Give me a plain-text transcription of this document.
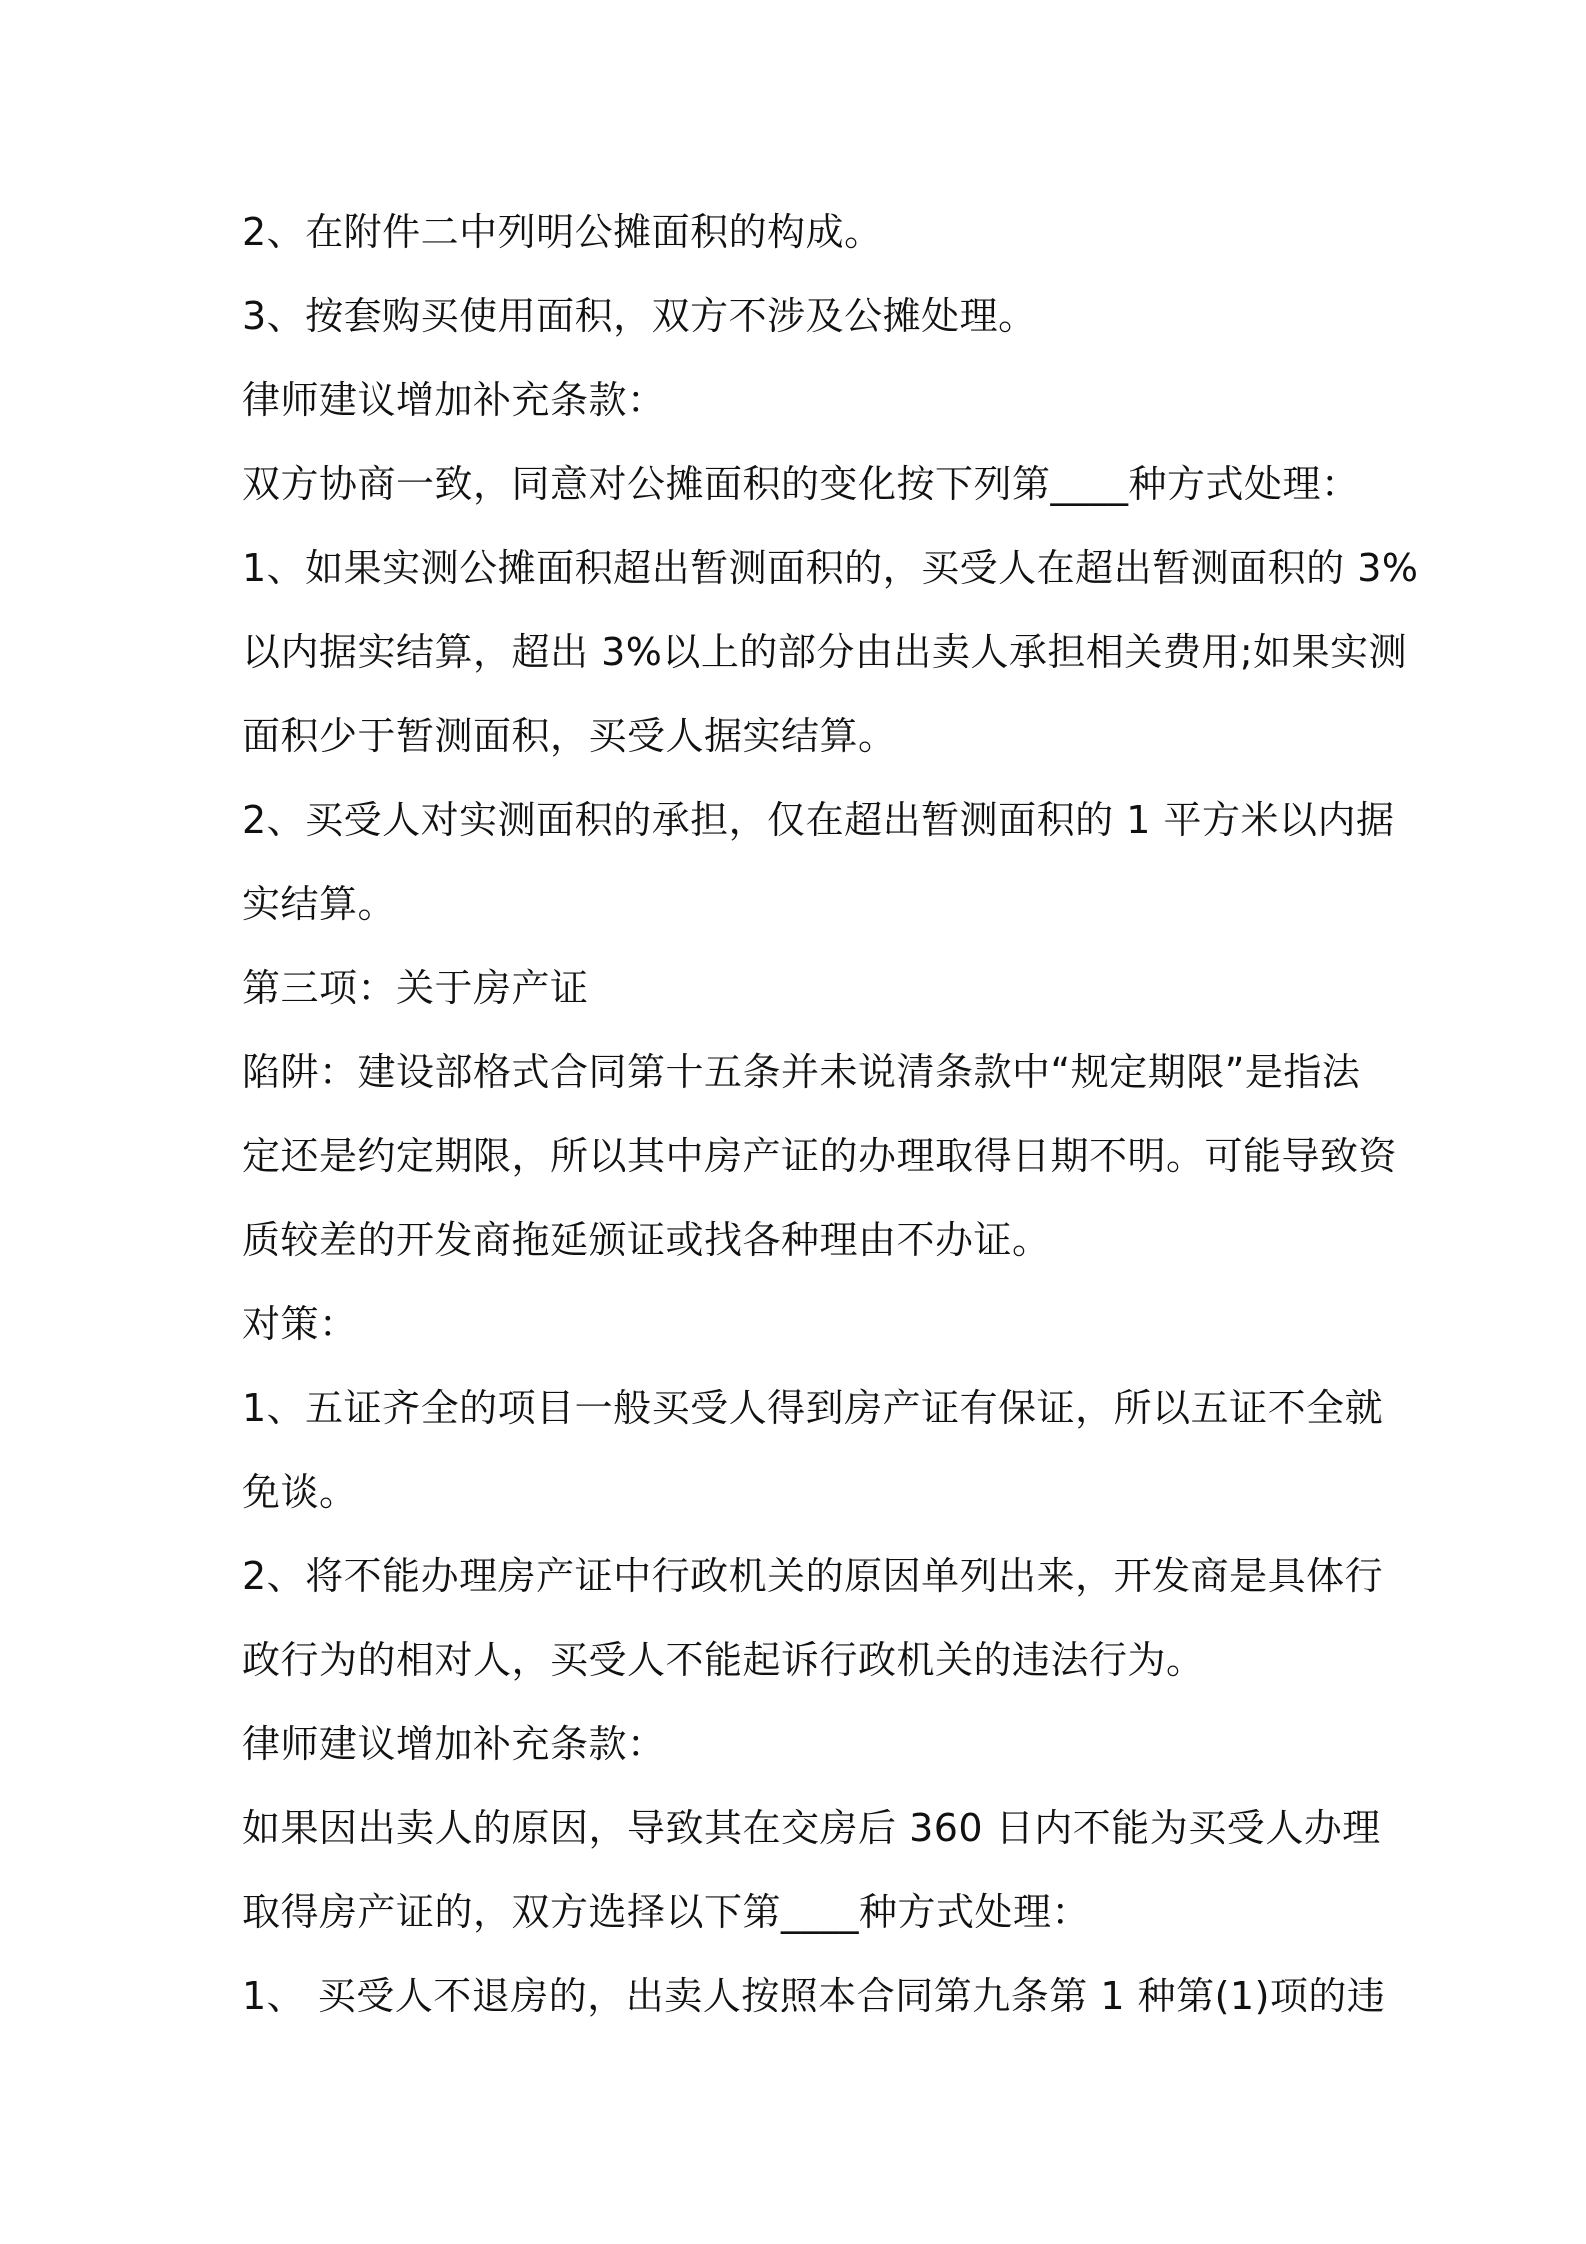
2、在附件二中列明公摊面积的构成。
3、按套购买使用面积，双方不涉及公摊处理。
律师建议增加补充条款：
双方协商一致，同意对公摊面积的变化按下列第____种方式处理：
1、如果实测公摊面积超出暂测面积的，买受人在超出暂测面积的 3%
以内据实结算，超出 3%以上的部分由出卖人承担相关费用;如果实测
面积少于暂测面积，买受人据实结算。
2、买受人对实测面积的承担，仅在超出暂测面积的 1 平方米以内据
实结算。
第三项：关于房产证
陷阱：建设部格式合同第十五条并未说清条款中“规定期限”是指法
定还是约定期限，所以其中房产证的办理取得日期不明。可能导致资
质较差的开发商拖延颁证或找各种理由不办证。
对策：
1、五证齐全的项目一般买受人得到房产证有保证，所以五证不全就
免谈。
2、将不能办理房产证中行政机关的原因单列出来，开发商是具体行
政行为的相对人，买受人不能起诉行政机关的违法行为。
律师建议增加补充条款：
如果因出卖人的原因，导致其在交房后 360 日内不能为买受人办理
取得房产证的，双方选择以下第____种方式处理：
1、 买受人不退房的，出卖人按照本合同第九条第 1 种第(1)项的违
